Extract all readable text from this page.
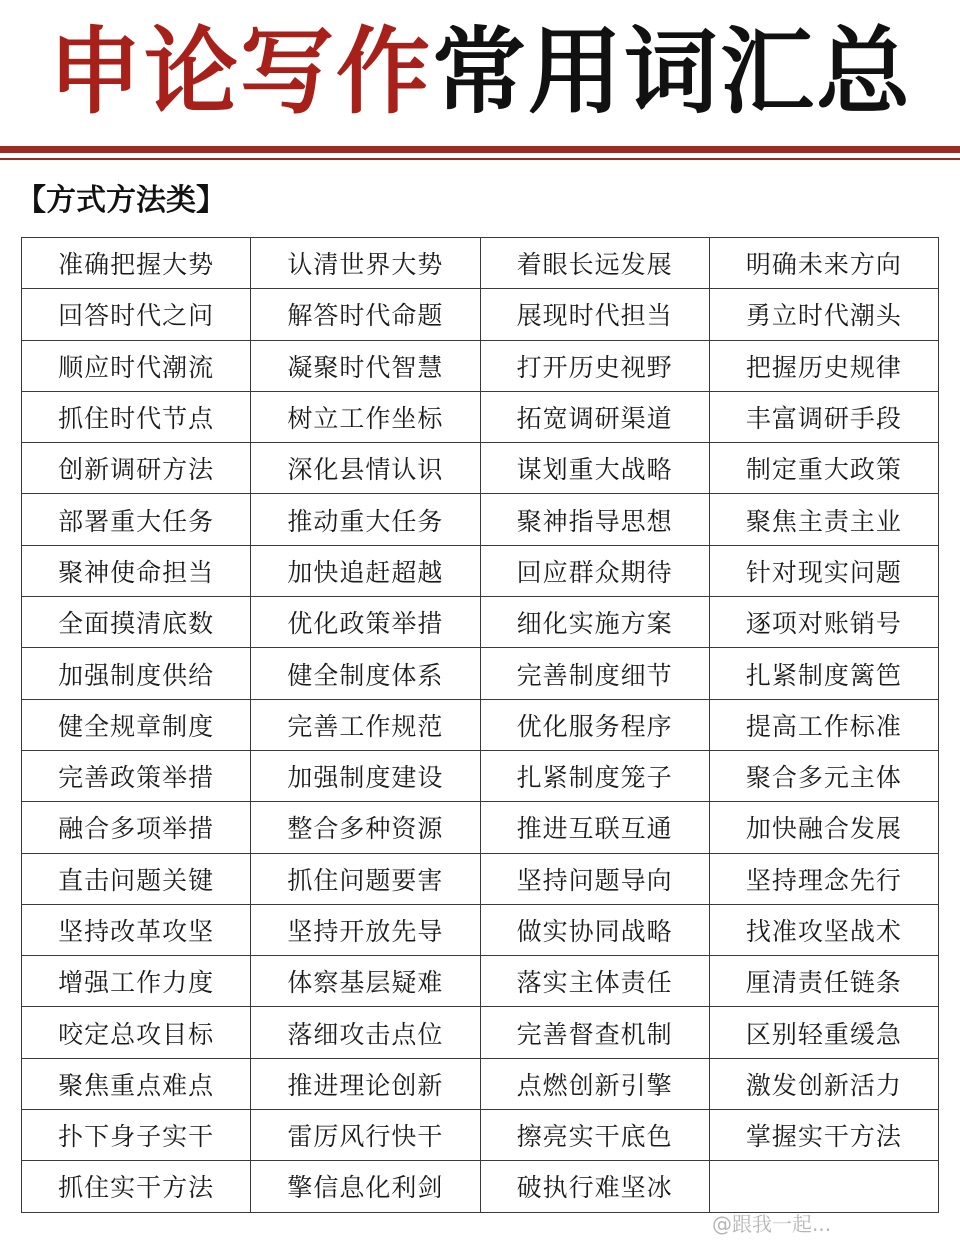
申论写作常用词汇总
【方式方法类】
准确把握大势	认清世界大势	着眼长远发展	明确未来方向
回答时代之问	解答时代命题	展现时代担当	勇立时代潮头
顺应时代潮流	凝聚时代智慧	打开历史视野	把握历史规律
抓住时代节点	树立工作坐标	拓宽调研渠道	丰富调研手段
创新调研方法	深化县情认识	谋划重大战略	制定重大政策
部署重大任务	推动重大任务	聚神指导思想	聚焦主责主业
聚神使命担当	加快追赶超越	回应群众期待	针对现实问题
全面摸清底数	优化政策举措	细化实施方案	逐项对账销号
加强制度供给	健全制度体系	完善制度细节	扎紧制度篱笆
健全规章制度	完善工作规范	优化服务程序	提高工作标准
完善政策举措	加强制度建设	扎紧制度笼子	聚合多元主体
融合多项举措	整合多种资源	推进互联互通	加快融合发展
直击问题关键	抓住问题要害	坚持问题导向	坚持理念先行
坚持改革攻坚	坚持开放先导	做实协同战略	找准攻坚战术
增强工作力度	体察基层疑难	落实主体责任	厘清责任链条
咬定总攻目标	落细攻击点位	完善督查机制	区别轻重缓急
聚焦重点难点	推进理论创新	点燃创新引擎	激发创新活力
扑下身子实干	雷厉风行快干	擦亮实干底色	掌握实干方法
抓住实干方法	擎信息化利剑	破执行难坚冰	
@跟我一起...
